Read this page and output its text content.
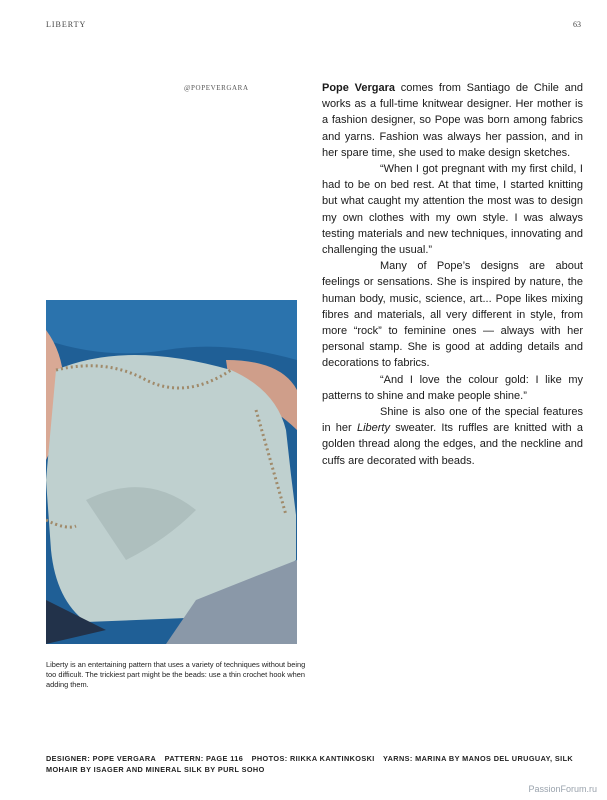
LIBERTY	63
@POPEVERGARA
Liberty is an entertaining pattern that uses a variety of techniques without being too difficult. The trickiest part might be the beads: use a thin crochet hook when adding them.

Pope Vergara comes from Santiago de Chile and works as a full-time knitwear designer. Her mother is a fashion designer, so Pope was born among fabrics and yarns. Fashion was always her passion, and in her spare time, she used to make design sketches.

“When I got pregnant with my first child, I had to be on bed rest. At that time, I started knitting but what caught my attention the most was to design my own clothes with my own style. I was always testing materials and new techniques, innovating and challenging the usual.”

Many of Pope’s designs are about feelings or sensations. She is inspired by nature, the human body, music, science, art... Pope likes mixing fibres and materials, all very different in style, from more “rock” to feminine ones — always with her personal stamp. She is good at adding details and decorations to fabrics.

“And I love the colour gold: I like my patterns to shine and make people shine.”

Shine is also one of the special features in her Liberty sweater. Its ruffles are knitted with a golden thread along the edges, and the neckline and cuffs are decorated with beads.

DESIGNER: POPE VERGARA PATTERN: PAGE 116 PHOTOS: RIIKKA KANTINKOSKI YARNS: MARINA BY MANOS DEL URUGUAY, SILK MOHAIR BY ISAGER AND MINERAL SILK BY PURL SOHO
PassionForum.ru
